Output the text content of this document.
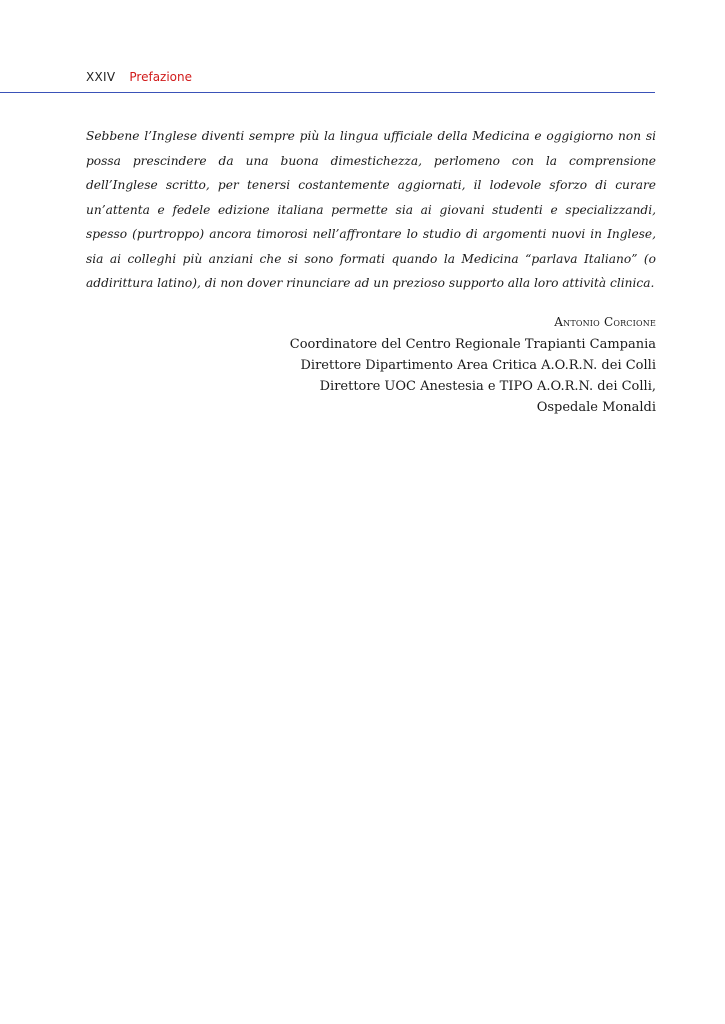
XXIV Prefazione

Sebbene l’Inglese diventi sempre più la lingua ufficiale della Medicina e oggigiorno non si possa prescindere da una buona dimestichezza, perlomeno con la comprensione dell’Inglese scritto, per tenersi costantemente aggiornati, il lodevole sforzo di curare un’attenta e fedele edizione italiana permette sia ai giovani studenti e specializzandi, spesso (purtroppo) ancora timorosi nell’affrontare lo studio di argomenti nuovi in Inglese, sia ai colleghi più anziani che si sono formati quando la Medicina “parlava Italiano” (o addirittura latino), di non dover rinunciare ad un prezioso supporto alla loro attività clinica.

Antonio Corcione
Coordinatore del Centro Regionale Trapianti Campania
Direttore Dipartimento Area Critica A.O.R.N. dei Colli
Direttore UOC Anestesia e TIPO A.O.R.N. dei Colli,
Ospedale Monaldi
